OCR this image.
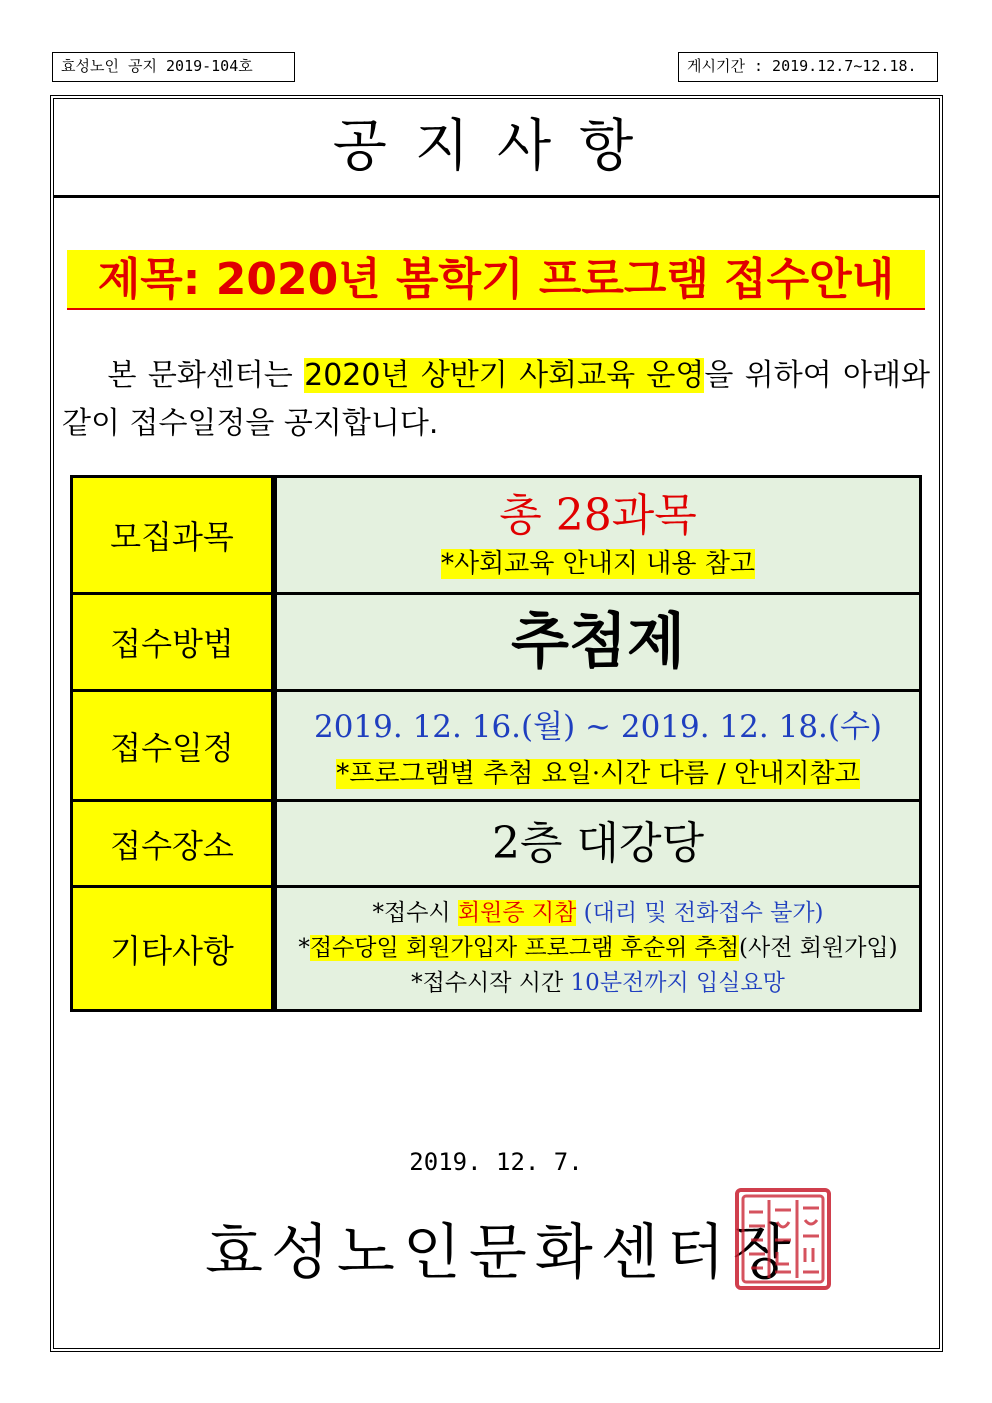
효성노인 공지 2019-104호	게시기간 : 2019.12.7~12.18.
공지사항
제목: 2020년 봄학기 프로그램 접수안내
본 문화센터는 2020년 상반기 사회교육 운영을 위하여 아래와 같이 접수일정을 공지합니다.
모집과목	총 28과목
*사회교육 안내지 내용 참고
접수방법	추첨제

접수일정	2019. 12. 16.(월) ~ 2019. 12. 18.(수)
*프로그램별 추첨 요일·시간 다름 / 안내지참고
접수장소	2층 대강당

기타사항	*접수시 회원증 지참 (대리 및 전화접수 불가)
*접수당일 회원가입자 프로그램 후순위 추첨(사전 회원가입)
*접수시작 시간 10분전까지 입실요망
2019. 12. 7.
효성노인문화센터장
